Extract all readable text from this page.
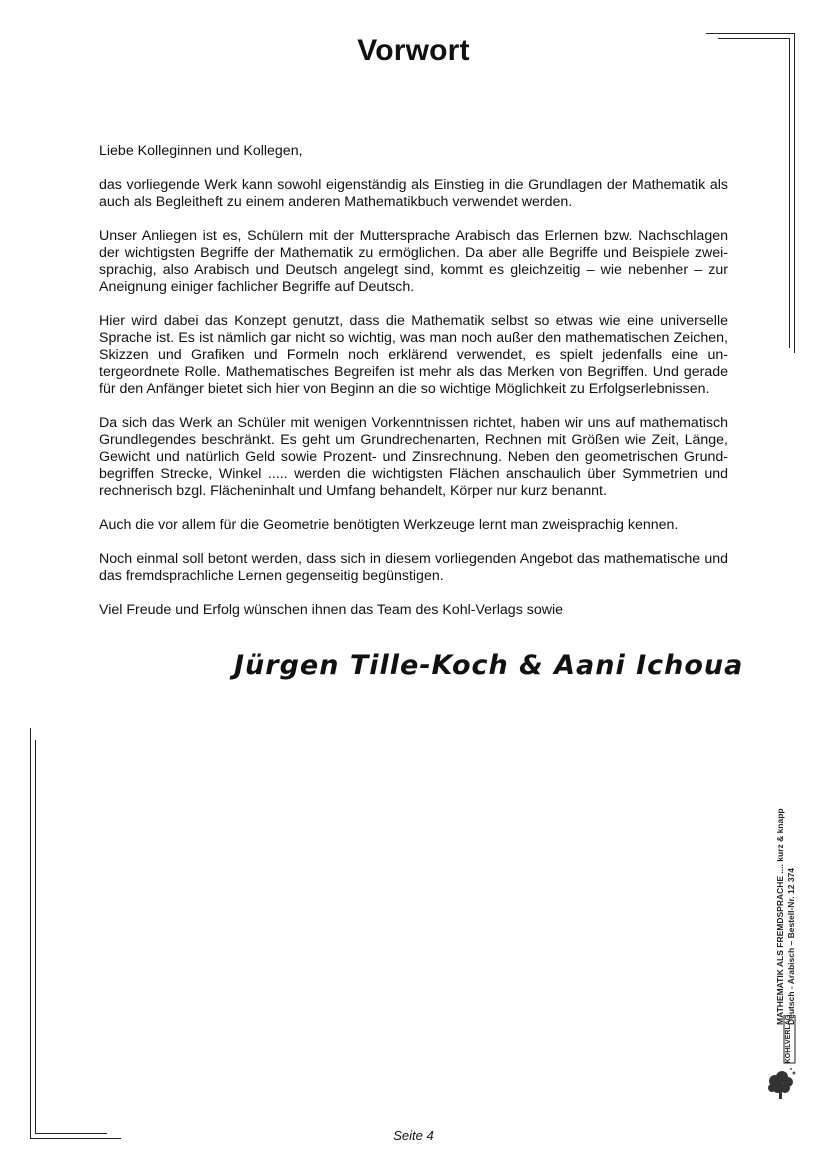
Vorwort

Liebe Kolleginnen und Kollegen,

das vorliegende Werk kann sowohl eigenständig als Einstieg in die Grundlagen der Mathematik als auch als Begleitheft zu einem anderen Mathematikbuch verwendet werden.

Unser Anliegen ist es, Schülern mit der Muttersprache Arabisch das Erlernen bzw. Nachschlagen der wichtigsten Begriffe der Mathematik zu ermöglichen. Da aber alle Begriffe und Beispiele zweisprachig, also Arabisch und Deutsch angelegt sind, kommt es gleichzeitig – wie nebenher – zur Aneignung einiger fachlicher Begriffe auf Deutsch.

Hier wird dabei das Konzept genutzt, dass die Mathematik selbst so etwas wie eine universelle Sprache ist. Es ist nämlich gar nicht so wichtig, was man noch außer den mathematischen Zeichen, Skizzen und Grafiken und Formeln noch erklärend verwendet, es spielt jedenfalls eine untergeordnete Rolle. Mathematisches Begreifen ist mehr als das Merken von Begriffen. Und gerade für den Anfänger bietet sich hier von Beginn an die so wichtige Möglichkeit zu Erfolgserlebnissen.

Da sich das Werk an Schüler mit wenigen Vorkenntnissen richtet, haben wir uns auf mathematisch Grundlegendes beschränkt. Es geht um Grundrechenarten, Rechnen mit Größen wie Zeit, Länge, Gewicht und natürlich Geld sowie Prozent- und Zinsrechnung. Neben den geometrischen Grundbegriffen Strecke, Winkel ..... werden die wichtigsten Flächen anschaulich über Symmetrien und rechnerisch bzgl. Flächeninhalt und Umfang behandelt, Körper nur kurz benannt.

Auch die vor allem für die Geometrie benötigten Werkzeuge lernt man zweisprachig kennen.

Noch einmal soll betont werden, dass sich in diesem vorliegenden Angebot das mathematische und das fremdsprachliche Lernen gegenseitig begünstigen.

Viel Freude und Erfolg wünschen ihnen das Team des Kohl-Verlags sowie

Jürgen Tille-Koch & Aani Ichoua
MATHEMATIK ALS FREMDSPRACHE .... kurz & knapp Deutsch - Arabisch – Bestell-Nr. 12 374
KOHLVERLAG
Seite 4
